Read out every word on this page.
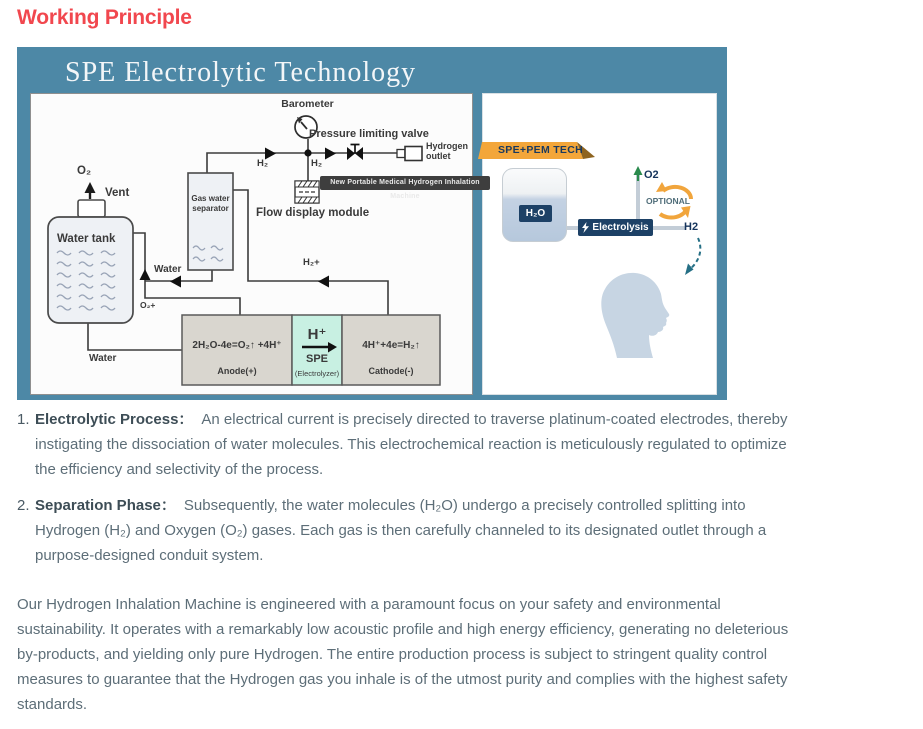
Working Principle
SPE Electrolytic Technology
Barometer
Pressure limiting valve
H₂	H₂
Hydrogen
outlet
O₂
Vent
Water tank
Gas water separator Flow display module
New Portable Medical Hydrogen Inhalation Machine
Water
O₂+
H₂+
Water
2H₂O-4e=O₂↑ +4H⁺
Anode(+)
H⁺
SPE
(Electrolyzer)
4H⁺+4e=H₂↑
Cathode(-)
SPE+PEM TECH
H₂O
Electrolysis
O2
OPTIONAL
H2
1. Electrolytic Process： An electrical current is precisely directed to traverse platinum-coated electrodes, thereby instigating the dissociation of water molecules. This electrochemical reaction is meticulously regulated to optimize the efficiency and selectivity of the process.
2. Separation Phase： Subsequently, the water molecules (H₂O) undergo a precisely controlled splitting into Hydrogen (H₂) and Oxygen (O₂) gases. Each gas is then carefully channeled to its designated outlet through a purpose-designed conduit system.
Our Hydrogen Inhalation Machine is engineered with a paramount focus on your safety and environmental sustainability. It operates with a remarkably low acoustic profile and high energy efficiency, generating no deleterious by-products, and yielding only pure Hydrogen. The entire production process is subject to stringent quality control measures to guarantee that the Hydrogen gas you inhale is of the utmost purity and complies with the highest safety standards.
